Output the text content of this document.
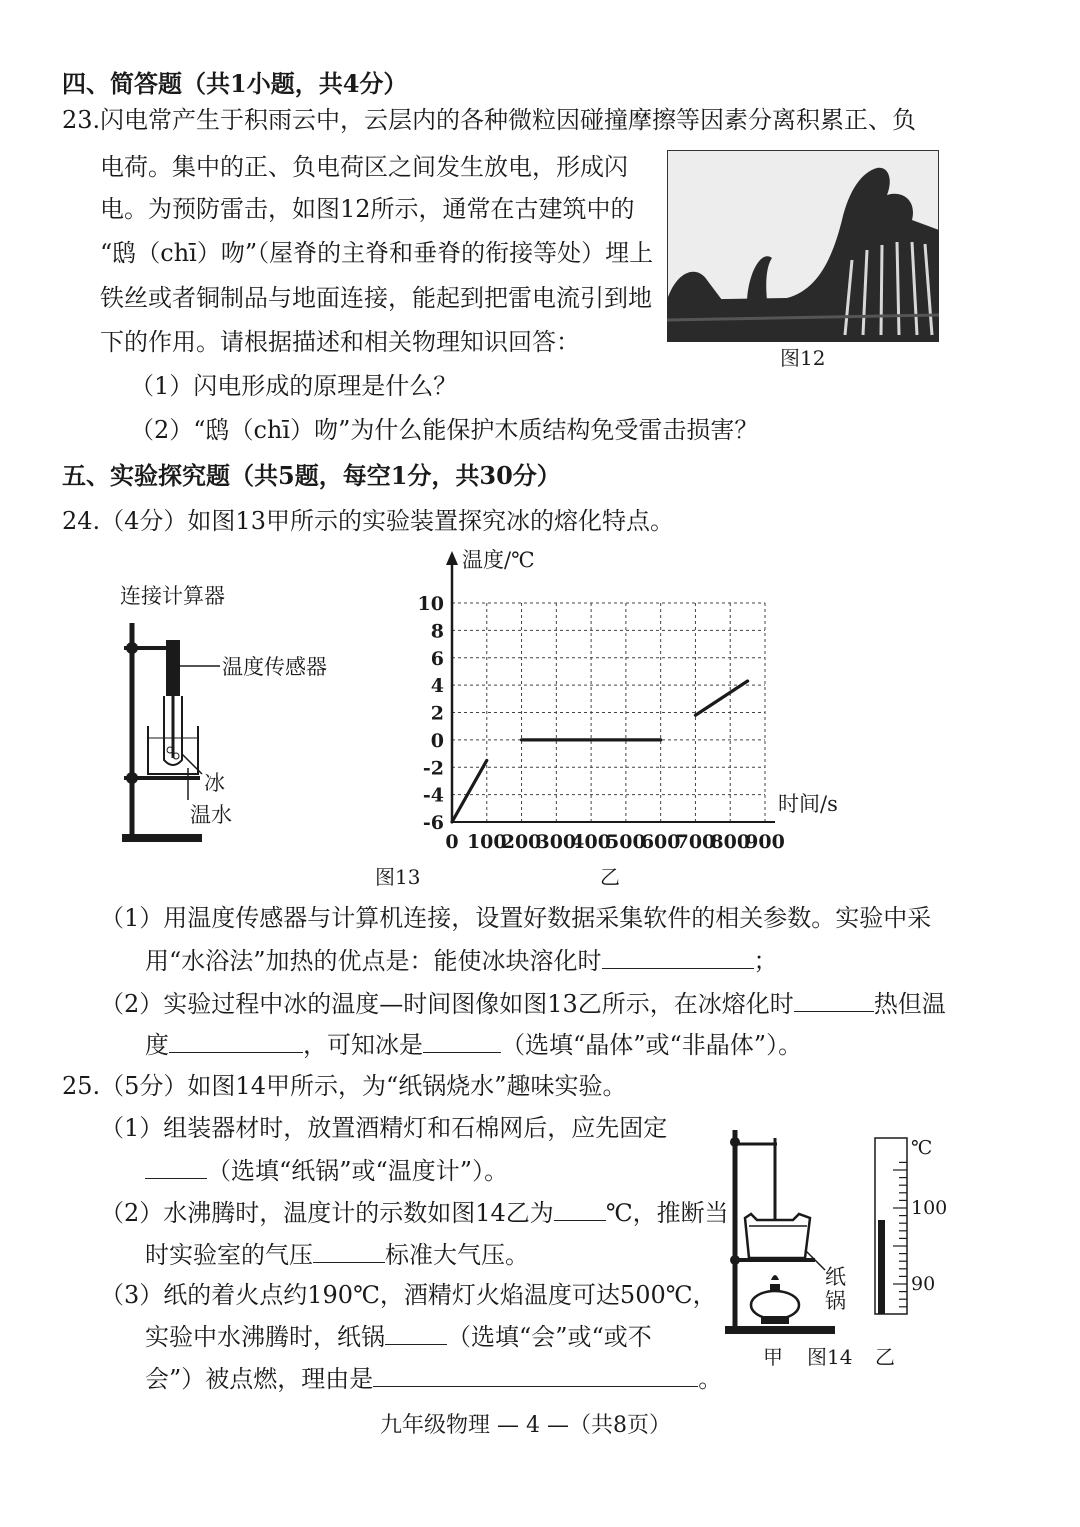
四、简答题（共1小题，共4分）
23. 闪电常产生于积雨云中，云层内的各种微粒因碰撞摩擦等因素分离积累正、负
电荷。集中的正、负电荷区之间发生放电，形成闪
电。为预防雷击，如图12所示，通常在古建筑中的
“鸱（chī）吻”（屋脊的主脊和垂脊的衔接等处）埋上
铁丝或者铜制品与地面连接，能起到把雷电流引到地
下的作用。请根据描述和相关物理知识回答：
（1）闪电形成的原理是什么？
（2）“鸱（chī）吻”为什么能保护木质结构免受雷击损害？
图12
五、实验探究题（共5题，每空1分，共30分）
24.（4分）如图13甲所示的实验装置探究冰的熔化特点。
连接计算器
温度传感器
冰
温水
图13
温度/℃
时间/s
10
8
6
4
2
0
-2
-4
-6
0 100
200
300
400
500
600
700
800
900
乙
（1）用温度传感器与计算机连接，设置好数据采集软件的相关参数。实验中采
用“水浴法”加热的优点是：能使冰块溶化时	；
（2）实验过程中冰的温度—时间图像如图13乙所示，在冰熔化时	热但温
度	，可知冰是	（选填“晶体”或“非晶体”）。
25.（5分）如图14甲所示，为“纸锅烧水”趣味实验。
（1）组装器材时，放置酒精灯和石棉网后，应先固定
（选填“纸锅”或“温度计”）。
（2）水沸腾时，温度计的示数如图14乙为 ℃，推断当
时实验室的气压	标准大气压。
（3）纸的着火点约190℃，酒精灯火焰温度可达500℃，
实验中水沸腾时，纸锅	（选填“会”或“或不
会”）被点燃，理由是	。
纸
锅
℃
100
90
甲 图14 乙
九年级物理 — 4 —（共8页）
